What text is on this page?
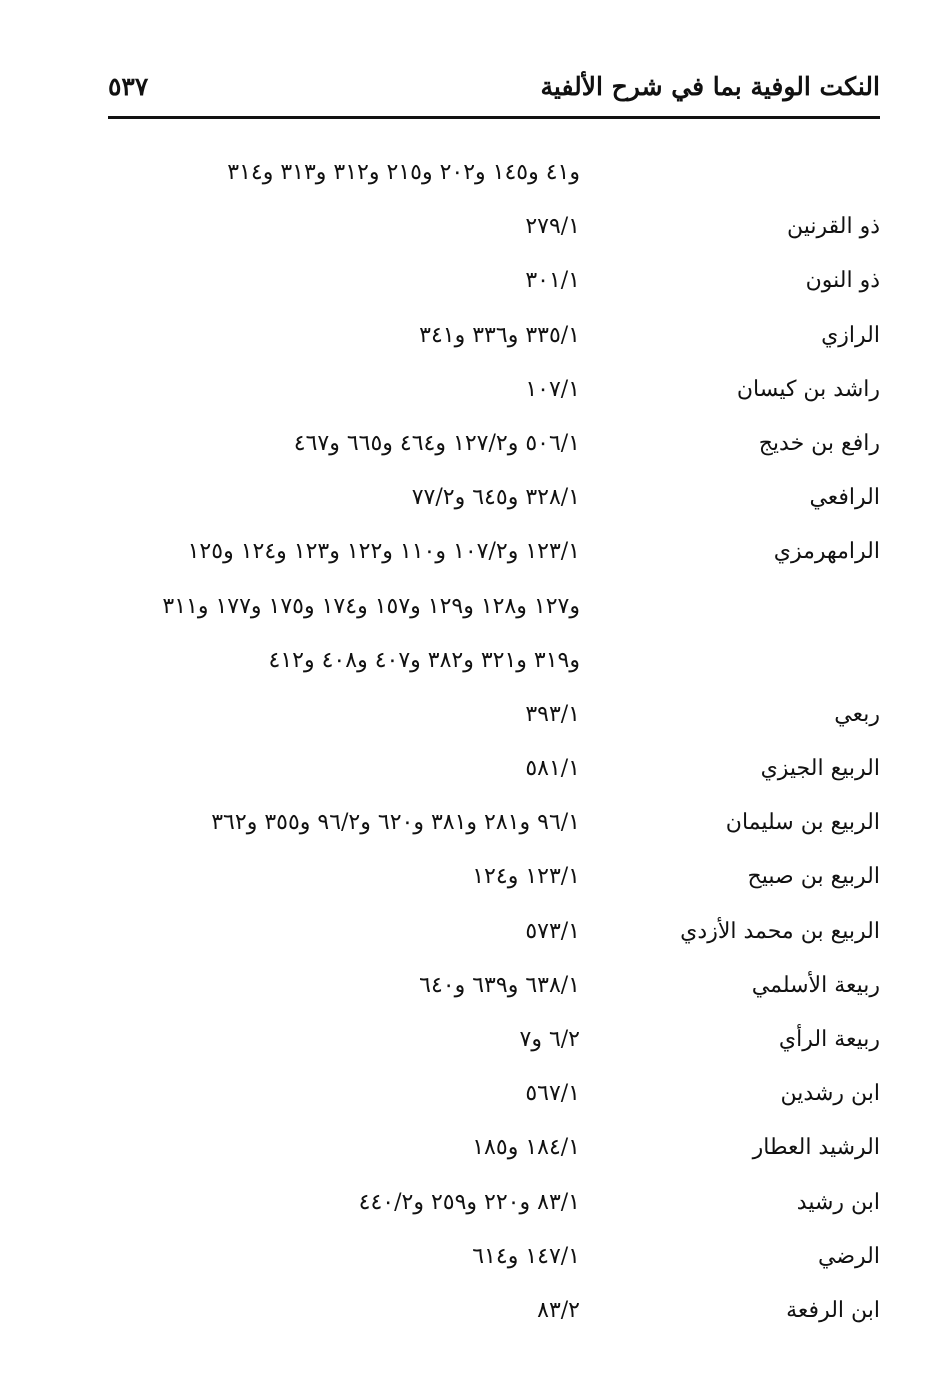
النكت الوفية بما في شرح الألفية
٥٣٧
و٤١ و١٤٥ و٢٠٢ و٢١٥ و٣١٢ و٣١٣ و٣١٤
ذو القرنين
٢٧٩/١
ذو النون
٣٠١/١
الرازي
٣٣٥/١ و٣٣٦ و٣٤١
راشد بن كيسان
١٠٧/١
رافع بن خديج
٥٠٦/١ و١٢٧/٢ و٤٦٤ و٦٦٥ و٤٦٧
الرافعي
٣٢٨/١ و٦٤٥ و٧٧/٢
الرامهرمزي
١٢٣/١ و١٠٧/٢ و١١٠ و١٢٢ و١٢٣ و١٢٤ و١٢٥
و١٢٧ و١٢٨ و١٢٩ و١٥٧ و١٧٤ و١٧٥ و١٧٧ و٣١١
و٣١٩ و٣٢١ و٣٨٢ و٤٠٧ و٤٠٨ و٤١٢
ربعي
٣٩٣/١
الربيع الجيزي
٥٨١/١
الربيع بن سليمان
٩٦/١ و٢٨١ و٣٨١ و٦٢٠ و٩٦/٢ و٣٥٥ و٣٦٢
الربيع بن صبيح
١٢٣/١ و١٢٤
الربيع بن محمد الأزدي
٥٧٣/١
ربيعة الأسلمي
٦٣٨/١ و٦٣٩ و٦٤٠
ربيعة الرأي
٦/٢ و٧
ابن رشدين
٥٦٧/١
الرشيد العطار
١٨٤/١ و١٨٥
ابن رشيد
٨٣/١ و٢٢٠ و٢٥٩ و٤٤٠/٢
الرضي
١٤٧/١ و٦١٤
ابن الرفعة
٨٣/٢
